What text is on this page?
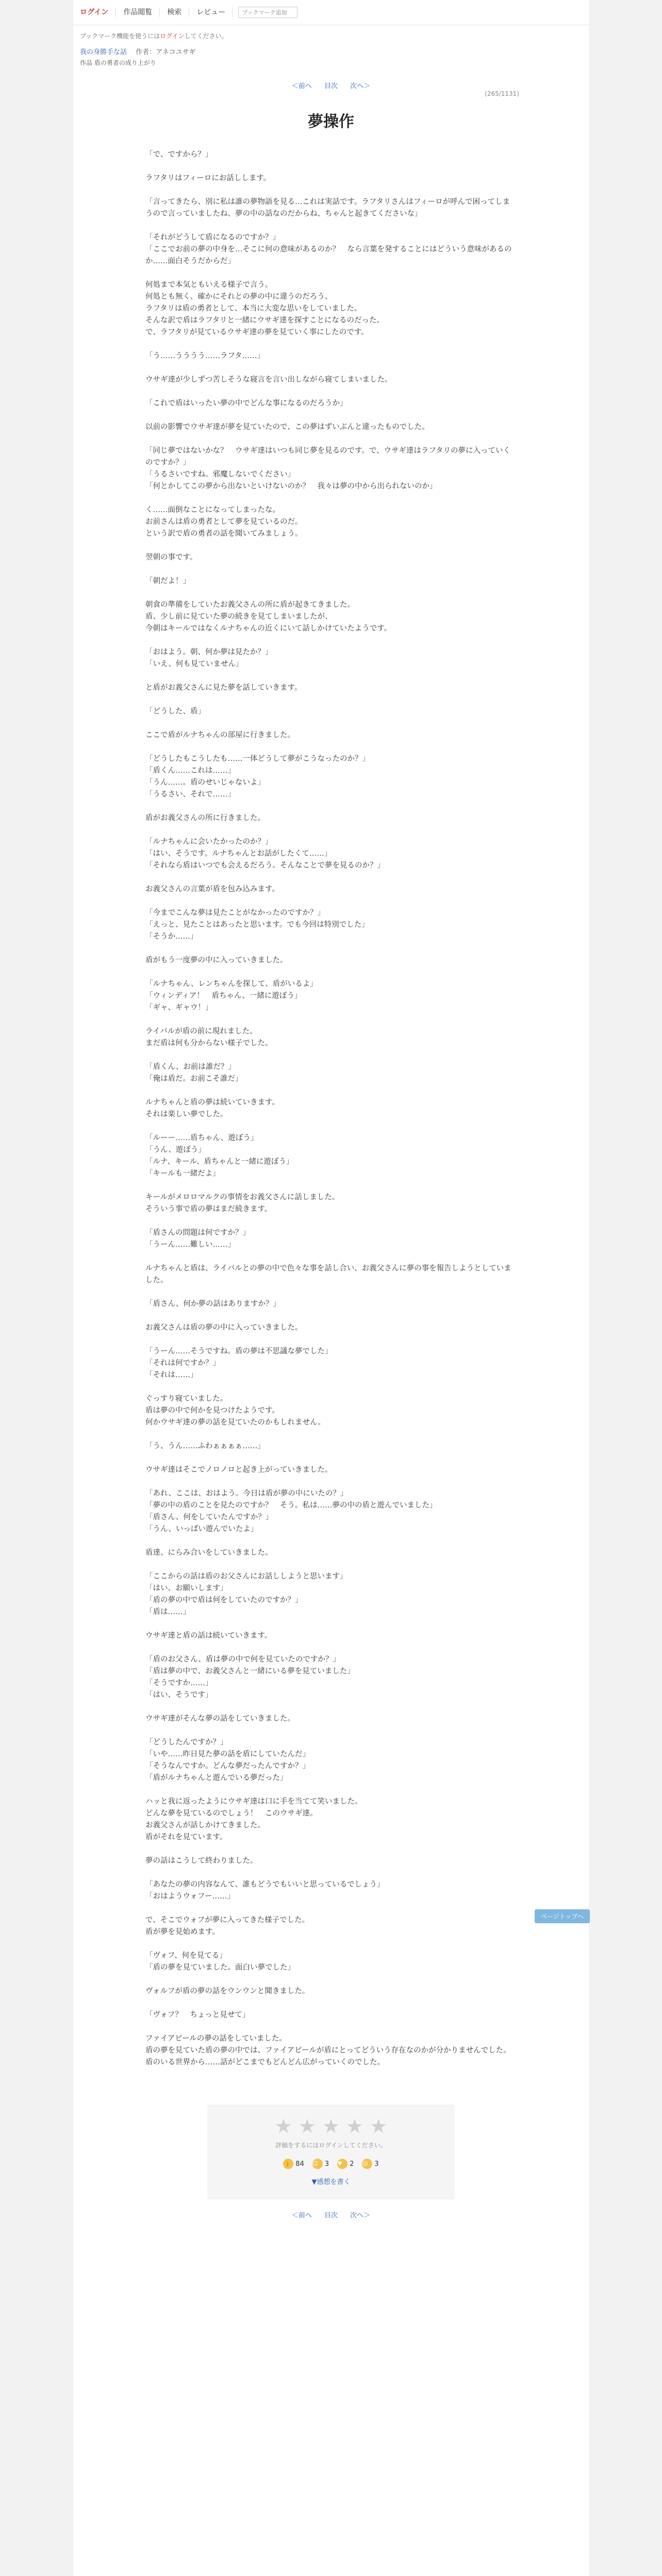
ログイン	作品閲覧	検索	レビュー	ブックマーク追加
ブックマーク機能を使うにはログインしてください。
我の身勝手な話 　 作者：アネコユサギ
作品 盾の勇者の成り上がり
＜前へ 目次 次へ＞
(265/1131)
夢操作

「で、ですから？」

ラフタリはフィーロにお話しします。

「言ってきたら、別に私は誰の夢物語を見る…これは実話です。ラフタリさんはフィーロが呼んで困ってしまうので言っていましたね、夢の中の話なのだからね、ちゃんと起きてくださいな」

「それがどうして盾になるのですか？」
「ここでお前の夢の中身を…そこに何の意味があるのか？　なら言葉を発することにはどういう意味があるのか……面白そうだからだ」

何処まで本気ともいえる様子で言う。
何処とも無く、確かにそれとの夢の中に違うのだろう、
ラフタリは盾の勇者として、本当に大変な思いをしていました。
そんな訳で盾はラフタリと一緒にウサギ達を探すことになるのだった。
で、ラフタリが見ているウサギ達の夢を見ていく事にしたのです。

「う……うううう……ラフタ……」

ウサギ達が少しずつ苦しそうな寝言を言い出しながら寝てしまいました。

「これで盾はいったい夢の中でどんな事になるのだろうか」

以前の影響でウサギ達が夢を見ていたので、この夢はずいぶんと違ったものでした。

「同じ夢ではないかな？　ウサギ達はいつも同じ夢を見るのです。で、ウサギ達はラフタリの夢に入っていくのですか？」
「うるさいですね。邪魔しないでください」
「何とかしてこの夢から出ないといけないのか？　我々は夢の中から出られないのか」

く……面倒なことになってしまったな。
お前さんは盾の勇者として夢を見ているのだ。
という訳で盾の勇者の話を聞いてみましょう。

翌朝の事です。

「朝だよ！」

朝食の準備をしていたお義父さんの所に盾が起きてきました。
盾、少し前に見ていた夢の続きを見てしまいましたが、
今朝はキールではなくルナちゃんの近くにいて話しかけていたようです。

「おはよう。朝、何か夢は見たか？」
「いえ、何も見ていません」

と盾がお義父さんに見た夢を話していきます。

「どうした、盾」

ここで盾がルナちゃんの部屋に行きました。

「どうしたもこうしたも……一体どうして夢がこうなったのか？」
「盾くん……これは……」
「うん……。盾のせいじゃないよ」
「うるさい、それで……」

盾がお義父さんの所に行きました。

「ルナちゃんに会いたかったのか？」
「はい、そうです。ルナちゃんとお話がしたくて……」
「それなら盾はいつでも会えるだろう。そんなことで夢を見るのか？」

お義父さんの言葉が盾を包み込みます。

「今までこんな夢は見たことがなかったのですか？」
「えっと、見たことはあったと思います。でも今回は特別でした」
「そうか……」

盾がもう一度夢の中に入っていきました。

「ルナちゃん、レンちゃんを探して、盾がいるよ」
「ウィンディア！　盾ちゃん、一緒に遊ぼう」
「ギャ、ギャウ！」

ライバルが盾の前に現れました。
まだ盾は何も分からない様子でした。

「盾くん、お前は誰だ？」
「俺は盾だ。お前こそ誰だ」

ルナちゃんと盾の夢は続いていきます。
それは楽しい夢でした。

「ルーー……盾ちゃん、遊ぼう」
「うん、遊ぼう」
「ルナ、キール、盾ちゃんと一緒に遊ぼう」
「キールも一緒だよ」

キールがメロロマルクの事情をお義父さんに話しました。
そういう事で盾の夢はまだ続きます。

「盾さんの問題は何ですか？」
「うーん……難しい……」

ルナちゃんと盾は、ライバルとの夢の中で色々な事を話し合い、お義父さんに夢の事を報告しようとしていました。

「盾さん、何か夢の話はありますか？」

お義父さんは盾の夢の中に入っていきました。

「うーん……そうですね。盾の夢は不思議な夢でした」
「それは何ですか？」
「それは……」

ぐっすり寝ていました。
盾は夢の中で何かを見つけたようです。
何かウサギ達の夢の話を見ていたのかもしれません。

「う、うん……ふわぁぁぁぁ……」

ウサギ達はそこでノロノロと起き上がっていきました。

「あれ、ここは、おはよう。今日は盾が夢の中にいたの？」
「夢の中の盾のことを見たのですか？　そう。私は……夢の中の盾と遊んでいました」
「盾さん、何をしていたんですか？」
「うん、いっぱい遊んでいたよ」

盾達、にらみ合いをしていきました。

「ここからの話は盾のお父さんにお話ししようと思います」
「はい、お願いします」
「盾の夢の中で盾は何をしていたのですか？」
「盾は……」

ウサギ達と盾の話は続いていきます。

「盾のお父さん、盾は夢の中で何を見ていたのですか？」
「盾は夢の中で、お義父さんと一緒にいる夢を見ていました」
「そうですか……」
「はい、そうです」

ウサギ達がそんな夢の話をしていきました。

「どうしたんですか？」
「いや……昨日見た夢の話を盾にしていたんだ」
「そうなんですか。どんな夢だったんですか？」
「盾がルナちゃんと遊んでいる夢だった」

ハッと我に返ったようにウサギ達は口に手を当てて笑いました。
どんな夢を見ているのでしょう！　このウサギ達。
お義父さんが話しかけてきました。
盾がそれを見ています。

夢の話はこうして終わりました。

「あなたの夢の内容なんて、誰もどうでもいいと思っているでしょう」
「おはようウォフー……」

で、そこでウォフが夢に入ってきた様子でした。
盾が夢を見始めます。

「ヴォフ、何を見てる」
「盾の夢を見ていました。面白い夢でした」

ヴォルフが盾の夢の話をウンウンと聞きました。

「ヴォフ？　ちょっと見せて」

ファイアビールの夢の話をしていました。
盾の夢を見ていた盾の夢の中では、ファイアビールが盾にとってどういう存在なのかが分かりませんでした。
盾のいる世界から……話がどこまでもどんどん広がっていくのでした。

ページトップへ
★ ★ ★ ★ ★
評価をするにはログインしてください。
👍 84 ☺ 3 ♥	2 ☹ 3
▼感想を書く
＜前へ 目次 次へ＞
